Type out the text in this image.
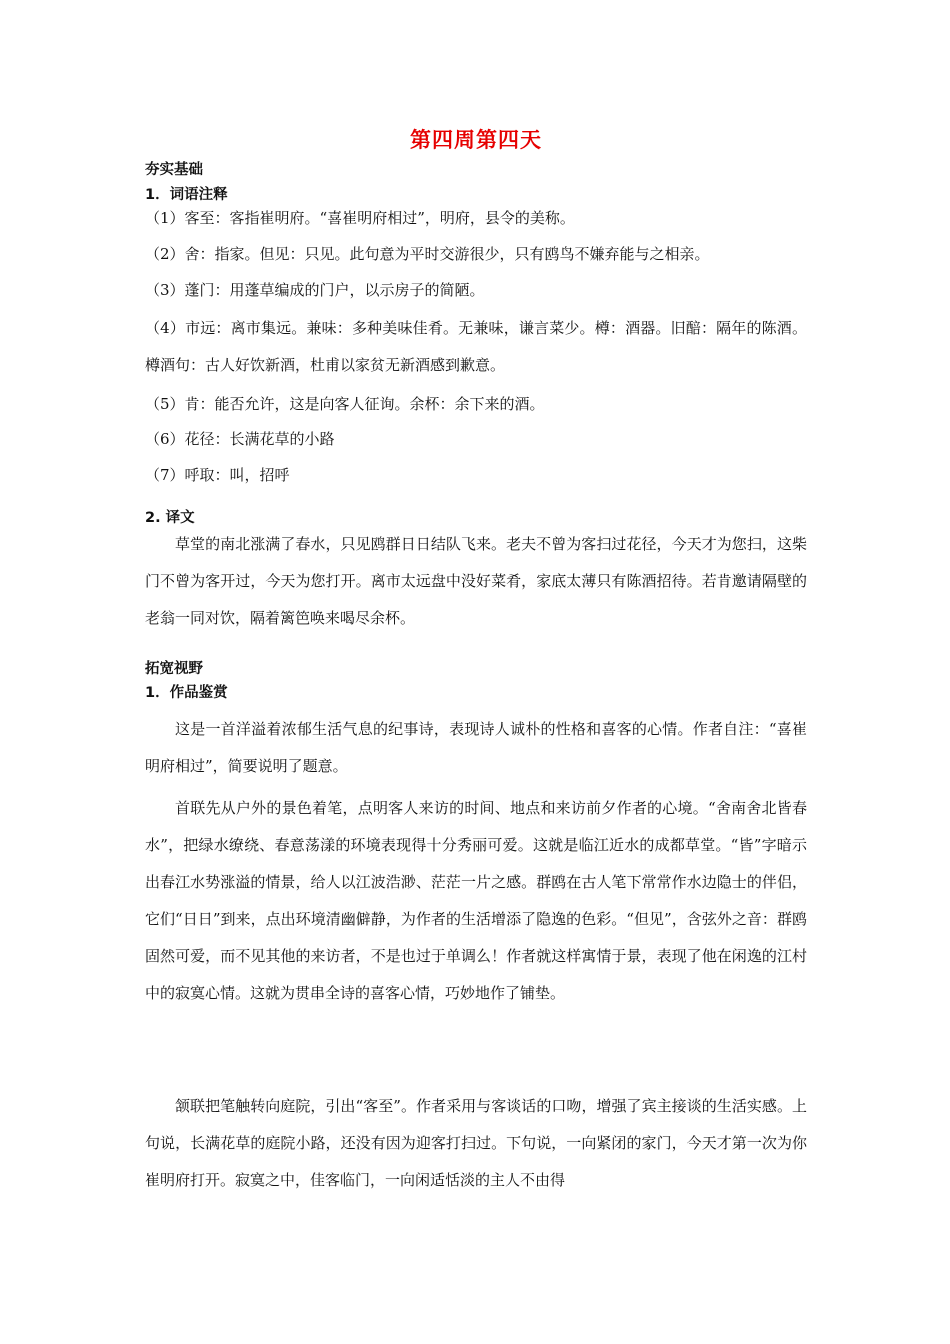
第四周第四天
夯实基础
1．词语注释
（1）客至：客指崔明府。“喜崔明府相过”，明府，县令的美称。
（2）舍：指家。但见：只见。此句意为平时交游很少，只有鸥鸟不嫌弃能与之相亲。
（3）蓬门：用蓬草编成的门户，以示房子的简陋。

（4）市远：离市集远。兼味：多种美味佳肴。无兼味，谦言菜少。樽：酒器。旧醅：隔年的陈酒。樽酒句：古人好饮新酒，杜甫以家贫无新酒感到歉意。

（5）肯：能否允许，这是向客人征询。余杯：余下来的酒。
（6）花径：长满花草的小路
（7）呼取：叫，招呼
2. 译文

草堂的南北涨满了春水，只见鸥群日日结队飞来。老夫不曾为客扫过花径，今天才为您扫，这柴门不曾为客开过，今天为您打开。离市太远盘中没好菜肴，家底太薄只有陈酒招待。若肯邀请隔壁的老翁一同对饮，隔着篱笆唤来喝尽余杯。

拓宽视野
1．作品鉴赏

这是一首洋溢着浓郁生活气息的纪事诗，表现诗人诚朴的性格和喜客的心情。作者自注：“喜崔明府相过”，简要说明了题意。

首联先从户外的景色着笔，点明客人来访的时间、地点和来访前夕作者的心境。“舍南舍北皆春水”，把绿水缭绕、春意荡漾的环境表现得十分秀丽可爱。这就是临江近水的成都草堂。“皆”字暗示出春江水势涨溢的情景，给人以江波浩渺、茫茫一片之感。群鸥在古人笔下常常作水边隐士的伴侣，它们“日日”到来，点出环境清幽僻静，为作者的生活增添了隐逸的色彩。“但见”，含弦外之音：群鸥固然可爱，而不见其他的来访者，不是也过于单调么！作者就这样寓情于景，表现了他在闲逸的江村中的寂寞心情。这就为贯串全诗的喜客心情，巧妙地作了铺垫。

颔联把笔触转向庭院，引出“客至”。作者采用与客谈话的口吻，增强了宾主接谈的生活实感。上句说，长满花草的庭院小路，还没有因为迎客打扫过。下句说，一向紧闭的家门，今天才第一次为你崔明府打开。寂寞之中，佳客临门，一向闲适恬淡的主人不由得
